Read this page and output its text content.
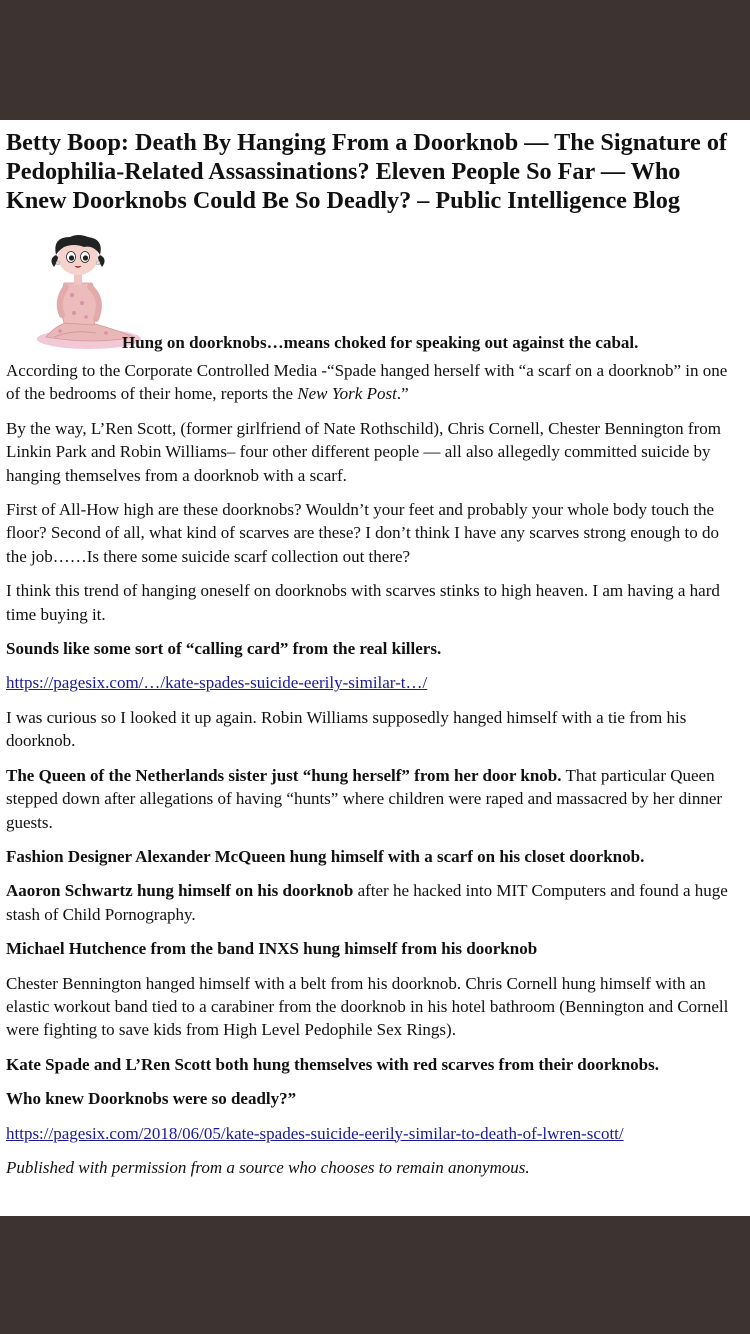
Betty Boop: Death By Hanging From a Doorknob — The Signature of Pedophilia-Related Assassinations? Eleven People So Far — Who Knew Doorknobs Could Be So Deadly? – Public Intelligence Blog
Hung on doorknobs…means choked for speaking out against the cabal.

According to the Corporate Controlled Media -“Spade hanged herself with “a scarf on a doorknob” in one of the bedrooms of their home, reports the New York Post.”

By the way, L’Ren Scott, (former girlfriend of Nate Rothschild), Chris Cornell, Chester Bennington from Linkin Park and Robin Williams– four other different people — all also allegedly committed suicide by hanging themselves from a doorknob with a scarf.

First of All-How high are these doorknobs? Wouldn’t your feet and probably your whole body touch the floor? Second of all, what kind of scarves are these? I don’t think I have any scarves strong enough to do the job……Is there some suicide scarf collection out there?

I think this trend of hanging oneself on doorknobs with scarves stinks to high heaven. I am having a hard time buying it.

Sounds like some sort of “calling card” from the real killers.

https://pagesix.com/…/kate-spades-suicide-eerily-similar-t…/

I was curious so I looked it up again. Robin Williams supposedly hanged himself with a tie from his doorknob.

The Queen of the Netherlands sister just “hung herself” from her door knob. That particular Queen stepped down after allegations of having “hunts” where children were raped and massacred by her dinner guests.

Fashion Designer Alexander McQueen hung himself with a scarf on his closet doorknob.

Aaoron Schwartz hung himself on his doorknob after he hacked into MIT Computers and found a huge stash of Child Pornography.

Michael Hutchence from the band INXS hung himself from his doorknob

Chester Bennington hanged himself with a belt from his doorknob. Chris Cornell hung himself with an elastic workout band tied to a carabiner from the doorknob in his hotel bathroom (Bennington and Cornell were fighting to save kids from High Level Pedophile Sex Rings).

Kate Spade and L’Ren Scott both hung themselves with red scarves from their doorknobs.

Who knew Doorknobs were so deadly?”

https://pagesix.com/2018/06/05/kate-spades-suicide-eerily-similar-to-death-of-lwren-scott/

Published with permission from a source who chooses to remain anonymous.
